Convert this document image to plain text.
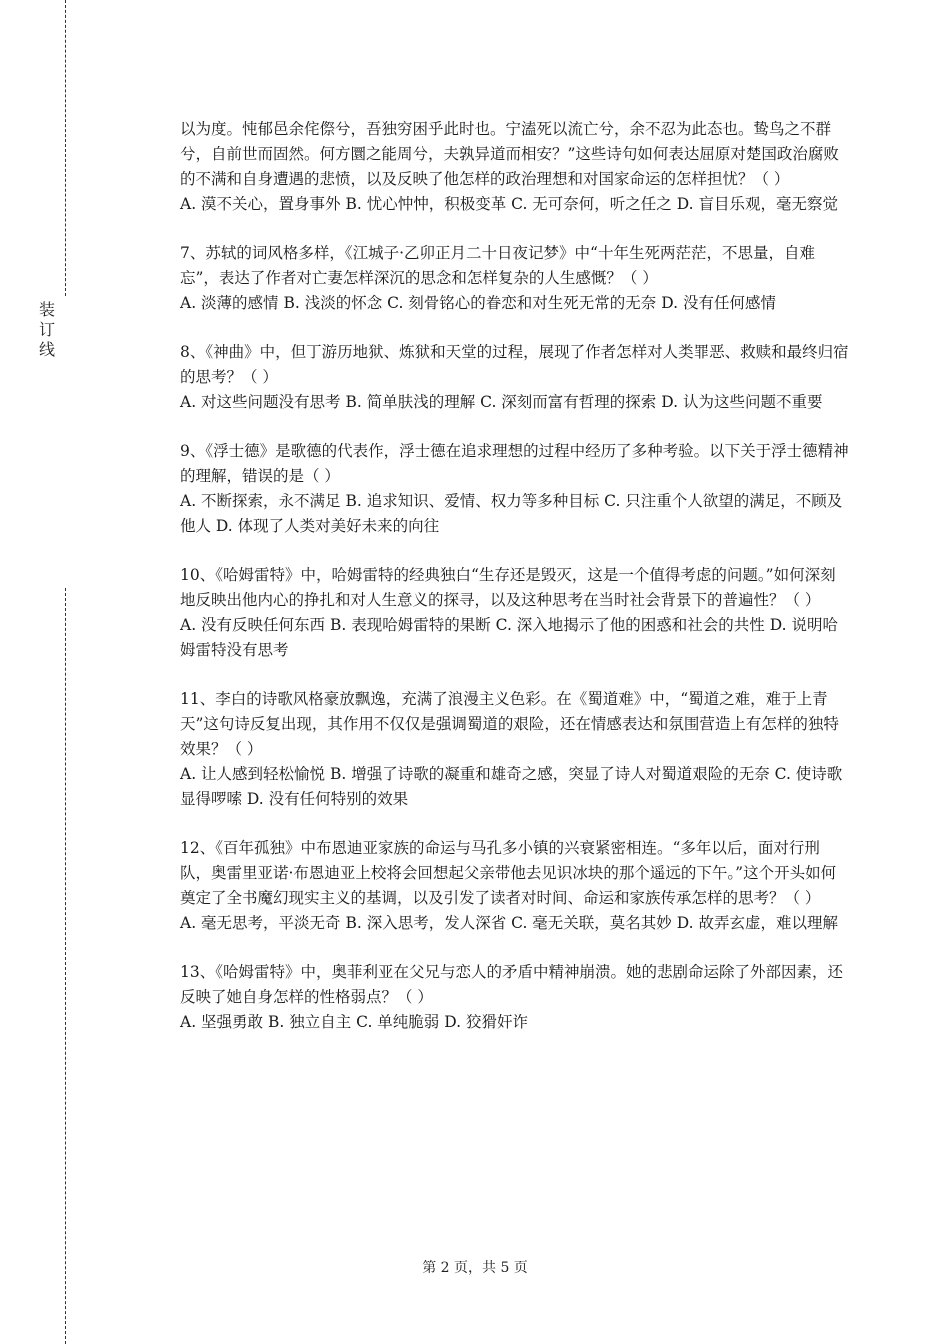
装
订
线

以为度。忳郁邑余侘傺兮，吾独穷困乎此时也。宁溘死以流亡兮，余不忍为此态也。鸷鸟之不群兮，自前世而固然。何方圜之能周兮，夫孰异道而相安？”这些诗句如何表达屈原对楚国政治腐败的不满和自身遭遇的悲愤，以及反映了他怎样的政治理想和对国家命运的怎样担忧？（ ）

A. 漠不关心，置身事外 B. 忧心忡忡，积极变革 C. 无可奈何，听之任之 D. 盲目乐观，毫无察觉

7、苏轼的词风格多样，《江城子·乙卯正月二十日夜记梦》中“十年生死两茫茫，不思量，自难忘”，表达了作者对亡妻怎样深沉的思念和怎样复杂的人生感慨？（ ）

A. 淡薄的感情 B. 浅淡的怀念 C. 刻骨铭心的眷恋和对生死无常的无奈 D. 没有任何感情

8、《神曲》中，但丁游历地狱、炼狱和天堂的过程，展现了作者怎样对人类罪恶、救赎和最终归宿的思考？（ ）

A. 对这些问题没有思考 B. 简单肤浅的理解 C. 深刻而富有哲理的探索 D. 认为这些问题不重要

9、《浮士德》是歌德的代表作，浮士德在追求理想的过程中经历了多种考验。以下关于浮士德精神的理解，错误的是（ ）

A. 不断探索，永不满足 B. 追求知识、爱情、权力等多种目标 C. 只注重个人欲望的满足，不顾及他人 D. 体现了人类对美好未来的向往

10、《哈姆雷特》中，哈姆雷特的经典独白“生存还是毁灭，这是一个值得考虑的问题。”如何深刻地反映出他内心的挣扎和对人生意义的探寻，以及这种思考在当时社会背景下的普遍性？（ ）

A. 没有反映任何东西 B. 表现哈姆雷特的果断 C. 深入地揭示了他的困惑和社会的共性 D. 说明哈姆雷特没有思考

11、李白的诗歌风格豪放飘逸，充满了浪漫主义色彩。在《蜀道难》中，“蜀道之难，难于上青天”这句诗反复出现，其作用不仅仅是强调蜀道的艰险，还在情感表达和氛围营造上有怎样的独特效果？（ ）

A. 让人感到轻松愉悦 B. 增强了诗歌的凝重和雄奇之感，突显了诗人对蜀道艰险的无奈 C. 使诗歌显得啰嗦 D. 没有任何特别的效果

12、《百年孤独》中布恩迪亚家族的命运与马孔多小镇的兴衰紧密相连。“多年以后，面对行刑队，奥雷里亚诺·布恩迪亚上校将会回想起父亲带他去见识冰块的那个遥远的下午。”这个开头如何奠定了全书魔幻现实主义的基调，以及引发了读者对时间、命运和家族传承怎样的思考？（ ）

A. 毫无思考，平淡无奇 B. 深入思考，发人深省 C. 毫无关联，莫名其妙 D. 故弄玄虚，难以理解

13、《哈姆雷特》中，奥菲利亚在父兄与恋人的矛盾中精神崩溃。她的悲剧命运除了外部因素，还反映了她自身怎样的性格弱点？（ ）

A. 坚强勇敢 B. 独立自主 C. 单纯脆弱 D. 狡猾奸诈

第 2 页，共 5 页
